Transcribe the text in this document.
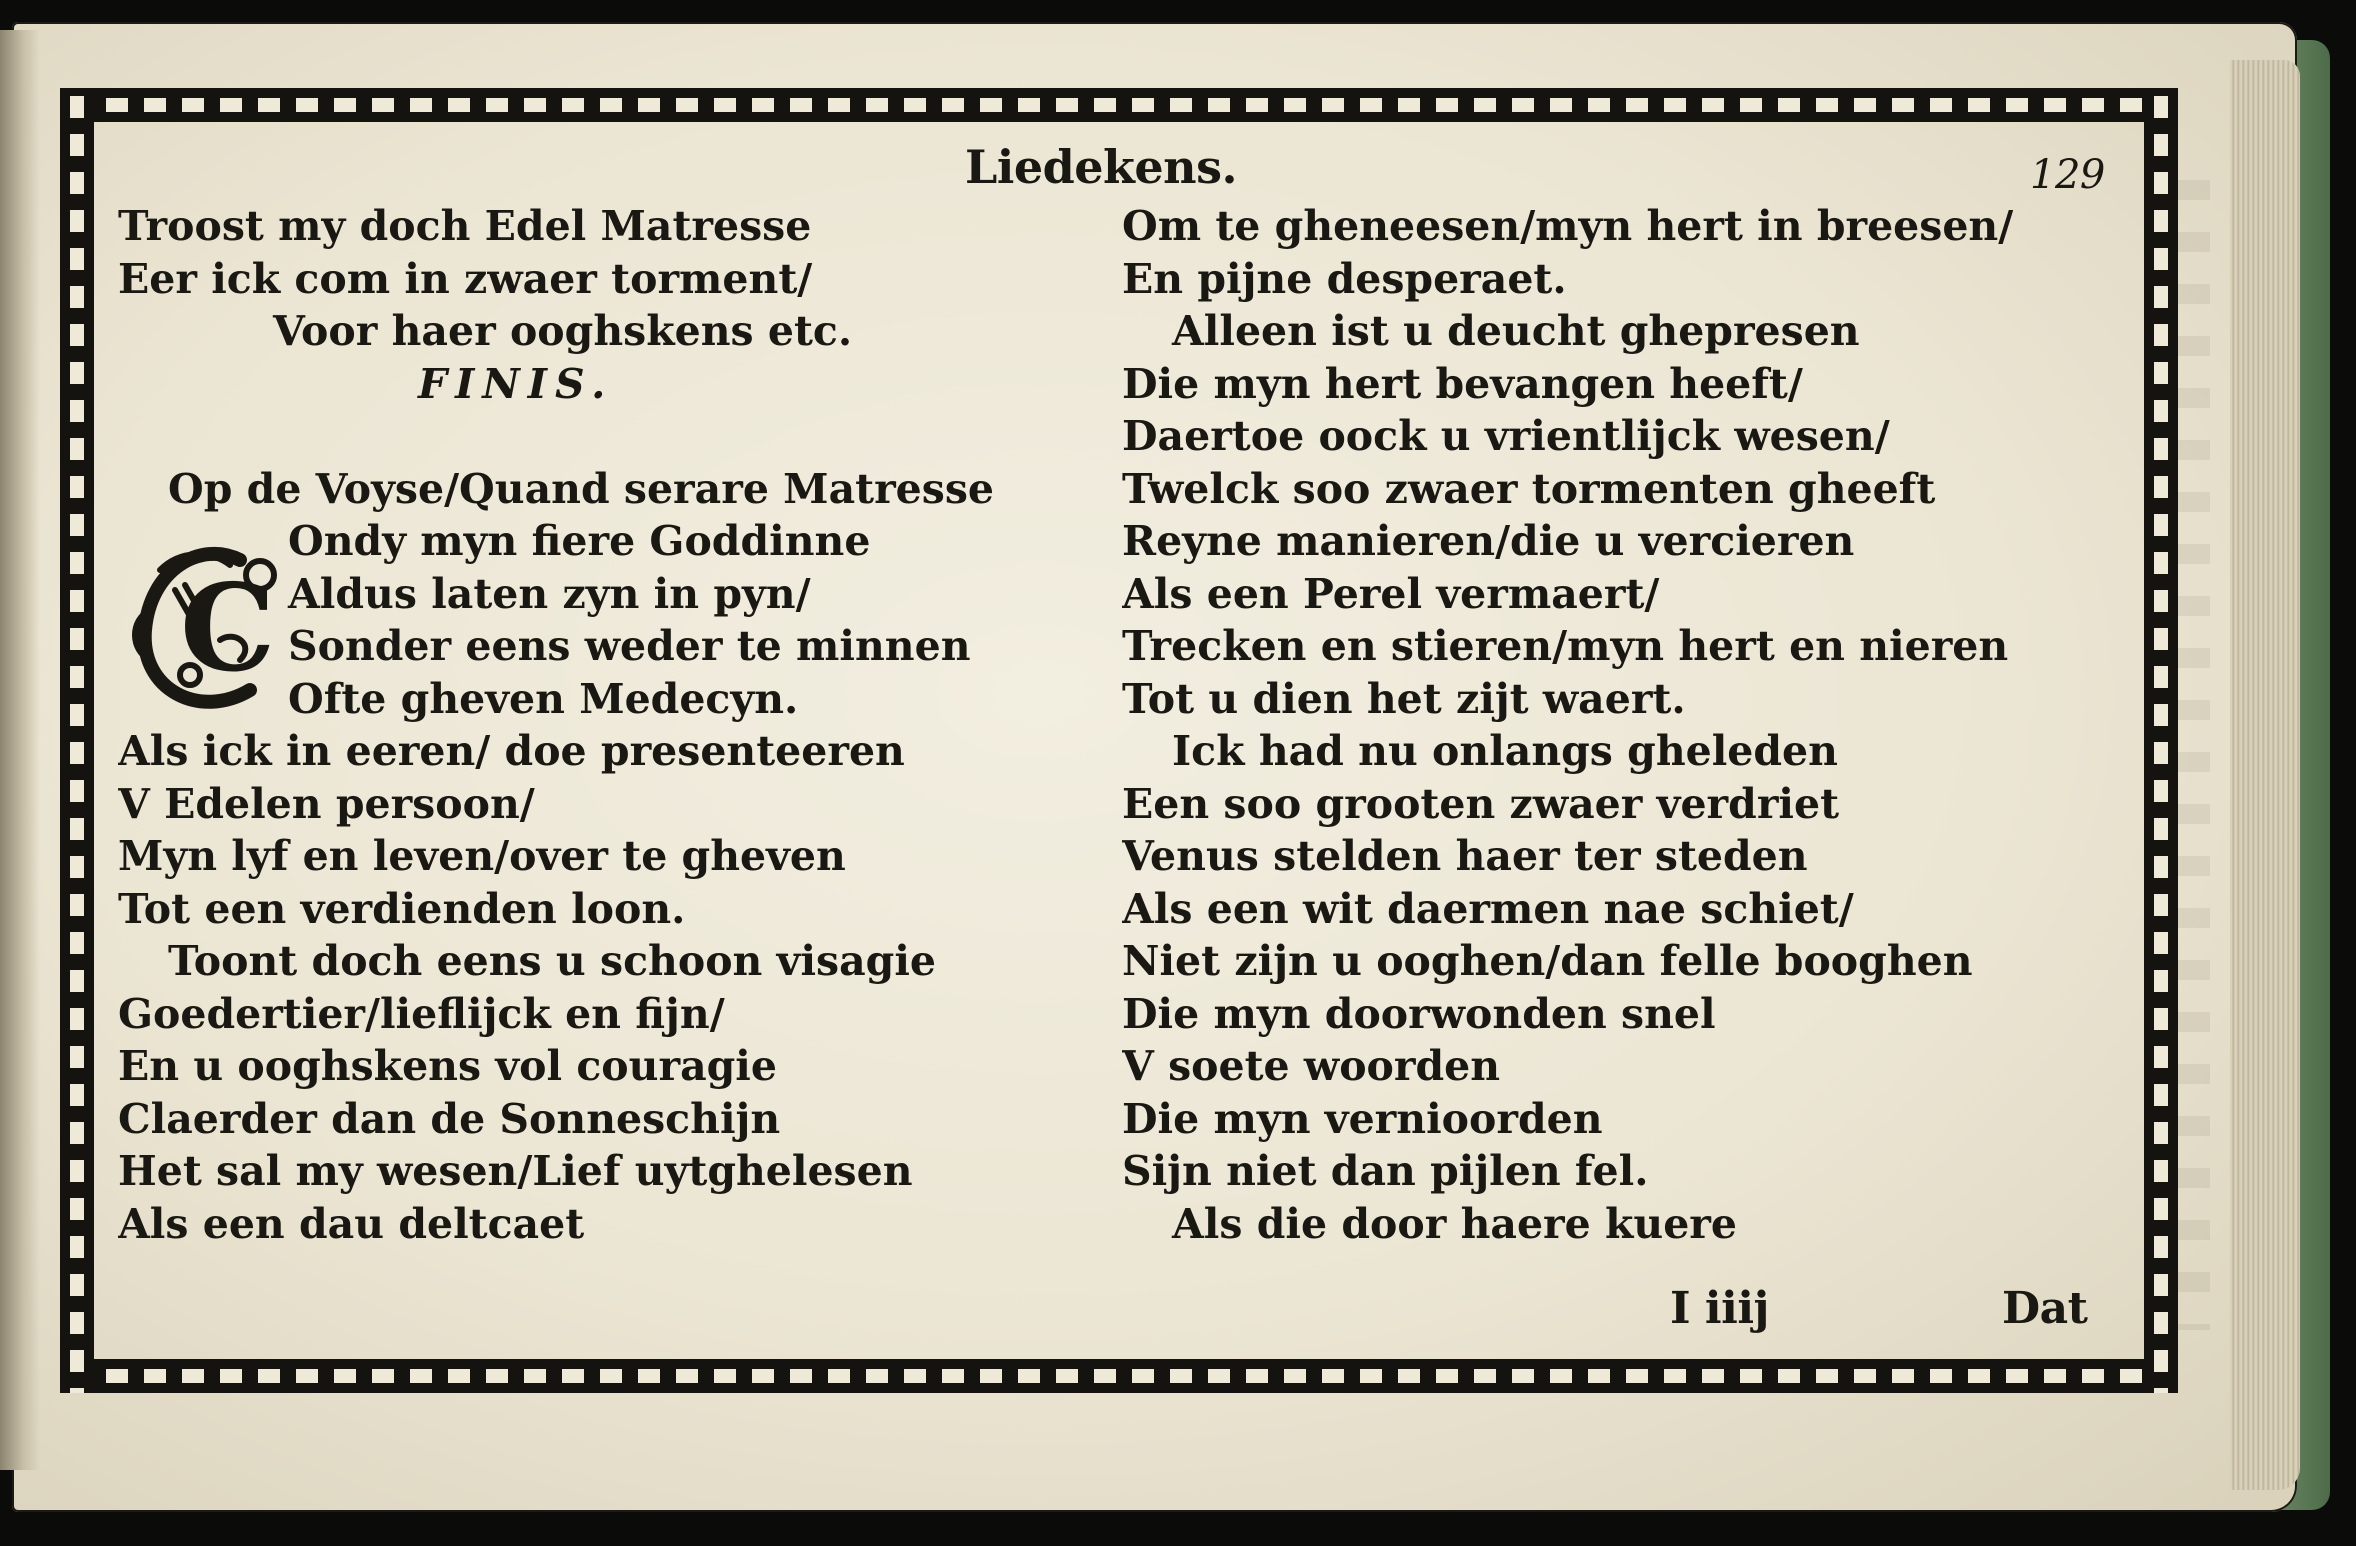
Liedekens.	129
Troost my doch Edel Matresse
Eer ick com in zwaer torment/
Voor haer ooghskens etc.
FINIS.
Op de Voyse/Quand serare Matresse
Ondy myn fiere Goddinne
Aldus laten zyn in pyn/
Sonder eens weder te minnen
Ofte gheven Medecyn.
Als ick in eeren/ doe presenteeren
V Edelen persoon/
Myn lyf en leven/over te gheven
Tot een verdienden loon.
Toont doch eens u schoon visagie
Goedertier/lieflijck en fijn/
En u ooghskens vol couragie
Claerder dan de Sonneschijn
Het sal my wesen/Lief uytghelesen
Als een dau deltcaet
C
Om te gheneesen/myn hert in breesen/
En pijne desperaet.
Alleen ist u deucht ghepresen
Die myn hert bevangen heeft/
Daertoe oock u vrientlijck wesen/
Twelck soo zwaer tormenten gheeft
Reyne manieren/die u vercieren
Als een Perel vermaert/
Trecken en stieren/myn hert en nieren
Tot u dien het zijt waert.
Ick had nu onlangs gheleden
Een soo grooten zwaer verdriet
Venus stelden haer ter steden
Als een wit daermen nae schiet/
Niet zijn u ooghen/dan felle booghen
Die myn doorwonden snel
V soete woorden
Die myn vernioorden
Sijn niet dan pijlen fel.
Als die door haere kuere
I iiij	Dat
